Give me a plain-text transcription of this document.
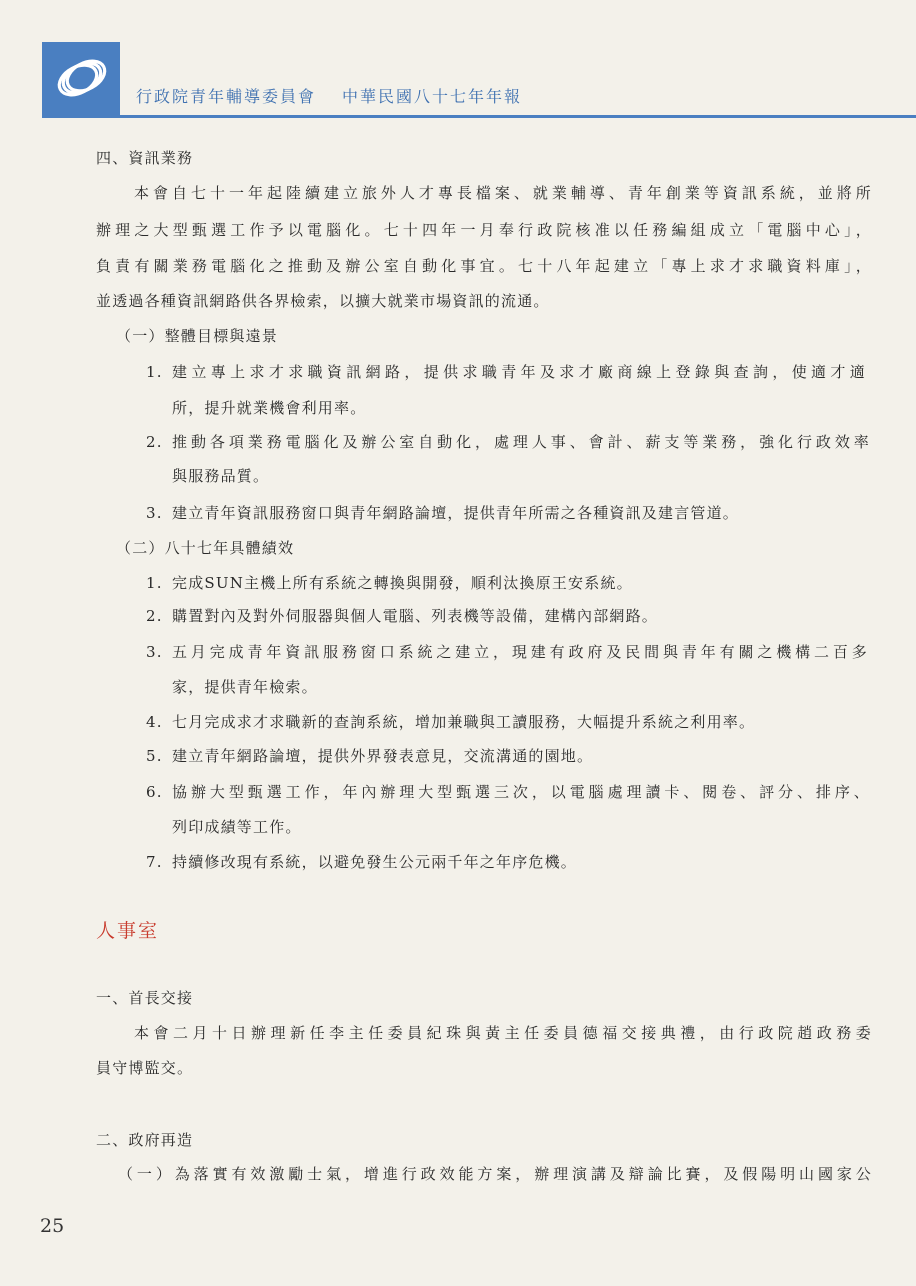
行政院青年輔導委員會 中華民國八十七年年報
四、資訊業務
本會自七十一年起陸續建立旅外人才專長檔案、就業輔導、青年創業等資訊系統，並將所
辦理之大型甄選工作予以電腦化。七十四年一月奉行政院核准以任務編組成立「電腦中心」，
負責有關業務電腦化之推動及辦公室自動化事宜。七十八年起建立「專上求才求職資料庫」，
並透過各種資訊網路供各界檢索，以擴大就業市場資訊的流通。
（一）整體目標與遠景
1. 建立專上求才求職資訊網路，提供求職青年及求才廠商線上登錄與查詢，使適才適
所，提升就業機會利用率。
2. 推動各項業務電腦化及辦公室自動化，處理人事、會計、薪支等業務，強化行政效率
與服務品質。
3. 建立青年資訊服務窗口與青年網路論壇，提供青年所需之各種資訊及建言管道。
（二）八十七年具體績效
1. 完成SUN主機上所有系統之轉換與開發，順利汰換原王安系統。
2. 購置對內及對外伺服器與個人電腦、列表機等設備，建構內部網路。
3. 五月完成青年資訊服務窗口系統之建立，現建有政府及民間與青年有關之機構二百多
家，提供青年檢索。
4. 七月完成求才求職新的查詢系統，增加兼職與工讀服務，大幅提升系統之利用率。
5. 建立青年網路論壇，提供外界發表意見，交流溝通的園地。
6. 協辦大型甄選工作，年內辦理大型甄選三次，以電腦處理讀卡、閱卷、評分、排序、
列印成績等工作。
7. 持續修改現有系統，以避免發生公元兩千年之年序危機。
人事室
一、首長交接
本會二月十日辦理新任李主任委員紀珠與黃主任委員德福交接典禮，由行政院趙政務委
員守博監交。
二、政府再造
（一）為落實有效激勵士氣，增進行政效能方案，辦理演講及辯論比賽，及假陽明山國家公
25
